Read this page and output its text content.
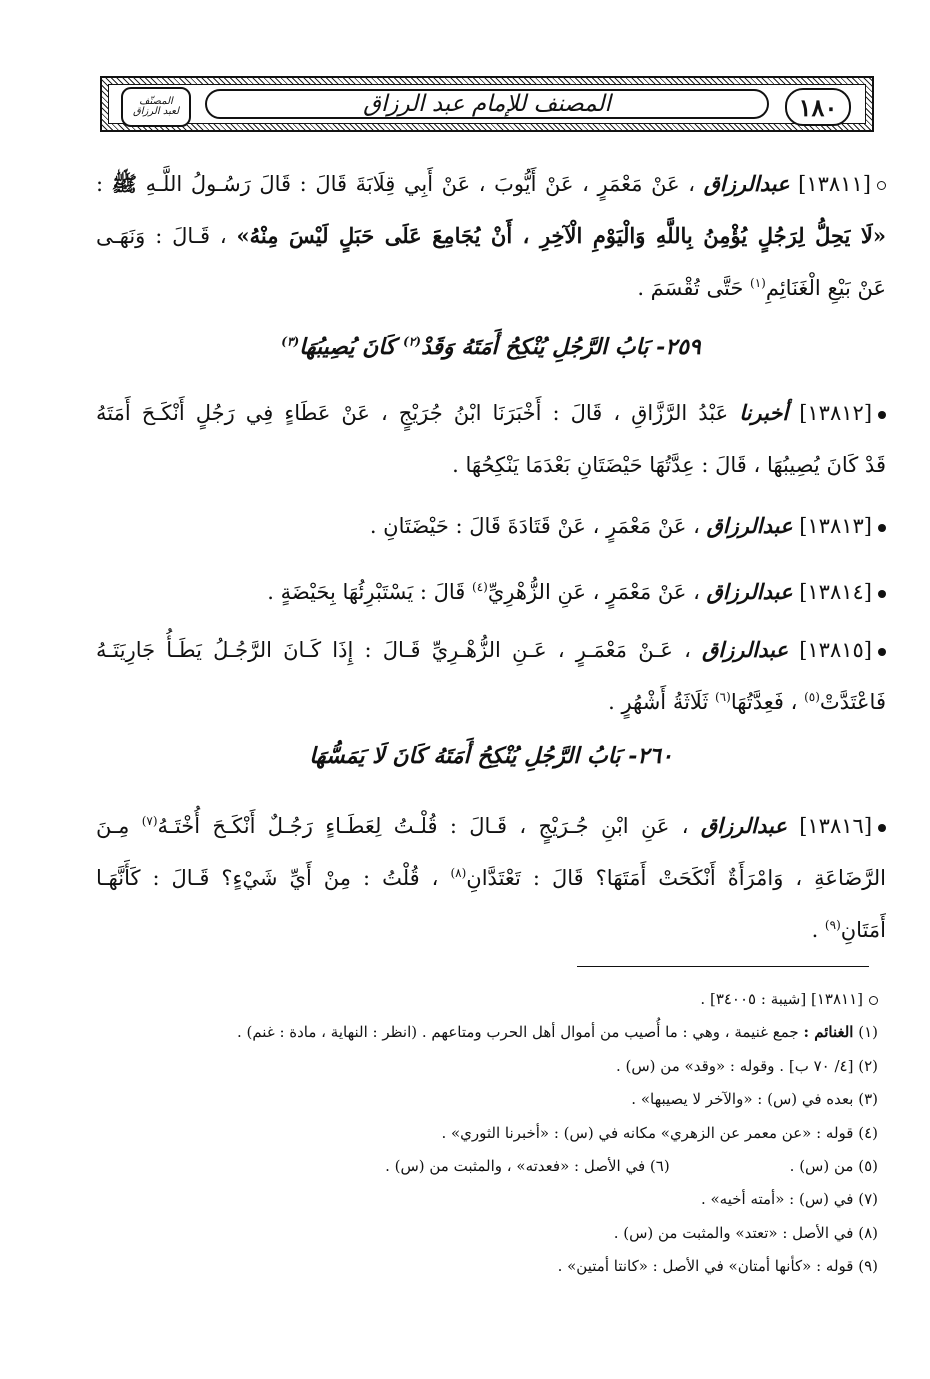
١٨٠
المصنف للإمام عبد الرزاق
المصنّف
لعبد الرزاق
[١٣٨١١] عبدالرزاق ، عَنْ مَعْمَرٍ ، عَنْ أَيُّوبَ ، عَنْ أَبِي قِلَابَةَ قَالَ : قَالَ رَسُـولُ اللَّـهِ ﷺ :
«لَا يَحِلُّ لِرَجُلٍ يُؤْمِنُ بِاللَّهِ وَالْيَوْمِ الْآخِرِ ، أَنْ يُجَامِعَ عَلَى حَبَلٍ لَيْسَ مِنْهُ» ، قَـالَ : وَنَهَـى
عَنْ بَيْعِ الْغَنَائِمِ$^{(١)}$ حَتَّى تُقْسَمَ .
٢٥٩- بَابُ الرَّجُلِ يُنْكِحُ أَمَتَهُ وَقَدْ$^{(٢)}$ كَانَ يُصِيبُهَا$^{(٣)}$
[١٣٨١٢] أخبرنا عَبْدُ الرَّزَّاقِ ، قَالَ : أَخْبَرَنَا ابْنُ جُرَيْجٍ ، عَنْ عَطَاءٍ فِي رَجُلٍ أَنْكَـحَ أَمَتَهُ
قَدْ كَانَ يُصِيبُهَا ، قَالَ : عِدَّتُهَا حَيْضَتَانِ بَعْدَمَا يَنْكِحُهَا .
[١٣٨١٣] عبدالرزاق ، عَنْ مَعْمَرٍ ، عَنْ قَتَادَةَ قَالَ : حَيْضَتَانِ .
[١٣٨١٤] عبدالرزاق ، عَنْ مَعْمَرٍ ، عَنِ الزُّهْرِيِّ$^{(٤)}$ قَالَ : يَسْتَبْرِئُهَا بِحَيْضَةٍ .
[١٣٨١٥] عبدالرزاق ، عَـنْ مَعْمَـرٍ ، عَـنِ الزُّهْـرِيِّ قَـالَ : إِذَا كَـانَ الرَّجُـلُ يَطَـأُ جَارِيَتَـهُ
فَاعْتَدَّتْ$^{(٥)}$ ، فَعِدَّتُهَا$^{(٦)}$ ثَلَاثَةُ أَشْهُرٍ .
٢٦٠- بَابُ الرَّجُلِ يُنْكِحُ أَمَتَهُ كَانَ لَا يَمَسُّهَا
[١٣٨١٦] عبدالرزاق ، عَنِ ابْنِ جُـرَيْجٍ ، قَـالَ : قُلْـتُ لِعَطَـاءٍ رَجُـلٌ أَنْكَـحَ أُخْتَـهُ$^{(٧)}$ مِـنَ
الرَّضَاعَةِ ، وَامْرَأَةٌ أَنْكَحَتْ أَمَتَهَا؟ قَالَ : تَعْتَدَّانِ$^{(٨)}$ ، قُلْتُ : مِنْ أَيِّ شَيْءٍ؟ قَـالَ : كَأَنَّهَـا
أَمَتَانِ$^{(٩)}$ .
[١٣٨١١] [شيبة : ٣٤٠٠٥] .
(١) الغنائم : جمع غنيمة ، وهي : ما أُصيب من أموال أهل الحرب ومتاعهم . (انظر : النهاية ، مادة : غنم) .
(٢) [٤/ ٧٠ ب] . وقوله : «وقد» من (س) .
(٣) بعده في (س) : «والآخر لا يصيبها» .
(٤) قوله : «عن معمر عن الزهري» مكانه في (س) : «أخبرنا الثوري» .
(٥) من (س) .
(٦) في الأصل : «فعدته» ، والمثبت من (س) .
(٧) في (س) : «أمته أخيه» .
(٨) في الأصل : «تعتد» والمثبت من (س) .
(٩) قوله : «كأنها أمتان» في الأصل : «كانتا أمتين» .
